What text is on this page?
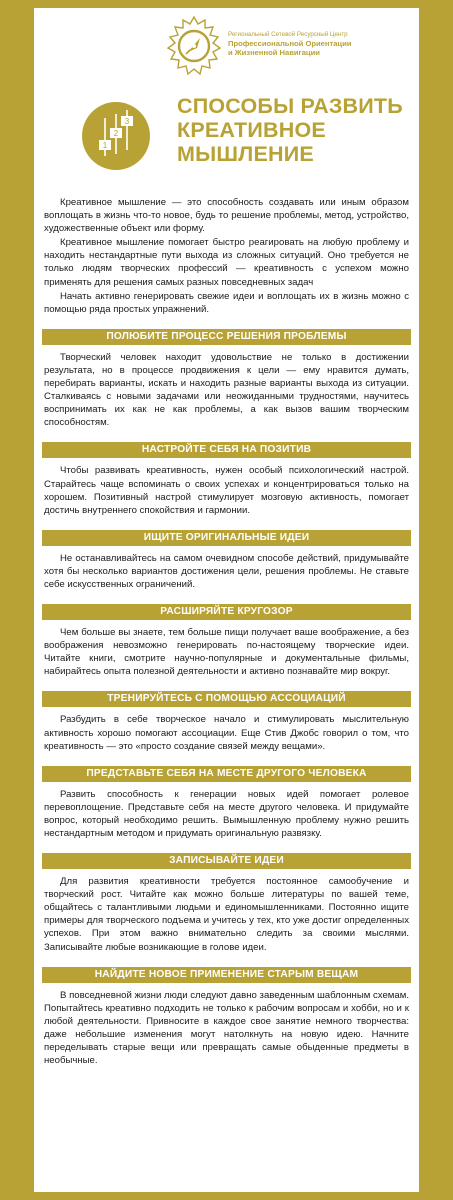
Региональный Сетевой Ресурсный Центр
Профессиональной Ориентации
и Жизненной Навигации
1
2
3
СПОСОБЫ РАЗВИТЬ КРЕАТИВНОЕ МЫШЛЕНИЕ

Креативное мышление — это способность создавать или иным образом воплощать в жизнь что-то новое, будь то решение проблемы, метод, устройство, художественные объект или форму.

Креативное мышление помогает быстро реагировать на любую проблему и находить нестандартные пути выхода из сложных ситуаций. Оно требуется не только людям творческих профессий — креативность с успехом можно применять для решения самых разных повседневных задач

Начать активно генерировать свежие идеи и воплощать их в жизнь можно с помощью ряда простых упражнений.

ПОЛЮБИТЕ ПРОЦЕСС РЕШЕНИЯ ПРОБЛЕМЫ

Творческий человек находит удовольствие не только в достижении результата, но в процессе продвижения к цели — ему нравится думать, перебирать варианты, искать и находить разные варианты выхода из ситуации. Сталкиваясь с новыми задачами или неожиданными трудностями, научитесь воспринимать их как не как проблемы, а как вызов вашим творческим способностям.

НАСТРОЙТЕ СЕБЯ НА ПОЗИТИВ

Чтобы развивать креативность, нужен особый психологический настрой. Старайтесь чаще вспоминать о своих успехах и концентрироваться только на хорошем. Позитивный настрой стимулирует мозговую активность, помогает достичь внутреннего спокойствия и гармонии.

ИЩИТЕ ОРИГИНАЛЬНЫЕ ИДЕИ

Не останавливайтесь на самом очевидном способе действий, придумывайте хотя бы несколько вариантов достижения цели, решения проблемы. Не ставьте себе искусственных ограничений.

РАСШИРЯЙТЕ КРУГОЗОР

Чем больше вы знаете, тем больше пищи получает ваше воображение, а без воображения невозможно генерировать по-настоящему творческие идеи. Читайте книги, смотрите научно-популярные и документальные фильмы, набирайтесь опыта полезной деятельности и активно познавайте мир вокруг.

ТРЕНИРУЙТЕСЬ С ПОМОЩЬЮ АССОЦИАЦИЙ

Разбудить в себе творческое начало и стимулировать мыслительную активность хорошо помогают ассоциации. Еще Стив Джобс говорил о том, что креативность — это «просто создание связей между вещами».

ПРЕДСТАВЬТЕ СЕБЯ НА МЕСТЕ ДРУГОГО ЧЕЛОВЕКА

Развить способность к генерации новых идей помогает ролевое перевоплощение. Представьте себя на месте другого человека. И придумайте вопрос, который необходимо решить. Вымышленную проблему нужно решить нестандартным методом и придумать оригинальную развязку.

ЗАПИСЫВАЙТЕ ИДЕИ

Для развития креативности требуется постоянное самообучение и творческий рост. Читайте как можно больше литературы по вашей теме, общайтесь с талантливыми людьми и единомышленниками. Постоянно ищите примеры для творческого подъема и учитесь у тех, кто уже достиг определенных успехов. При этом важно внимательно следить за своими мыслями. Записывайте любые возникающие в голове идеи.

НАЙДИТЕ НОВОЕ ПРИМЕНЕНИЕ СТАРЫМ ВЕЩАМ

В повседневной жизни люди следуют давно заведенным шаблонным схемам. Попытайтесь креативно подходить не только к рабочим вопросам и хобби, но и к любой деятельности. Привносите в каждое свое занятие немного творчества: даже небольшие изменения могут натолкнуть на новую идею. Начните переделывать старые вещи или превращать самые обыденные предметы в необычные.
